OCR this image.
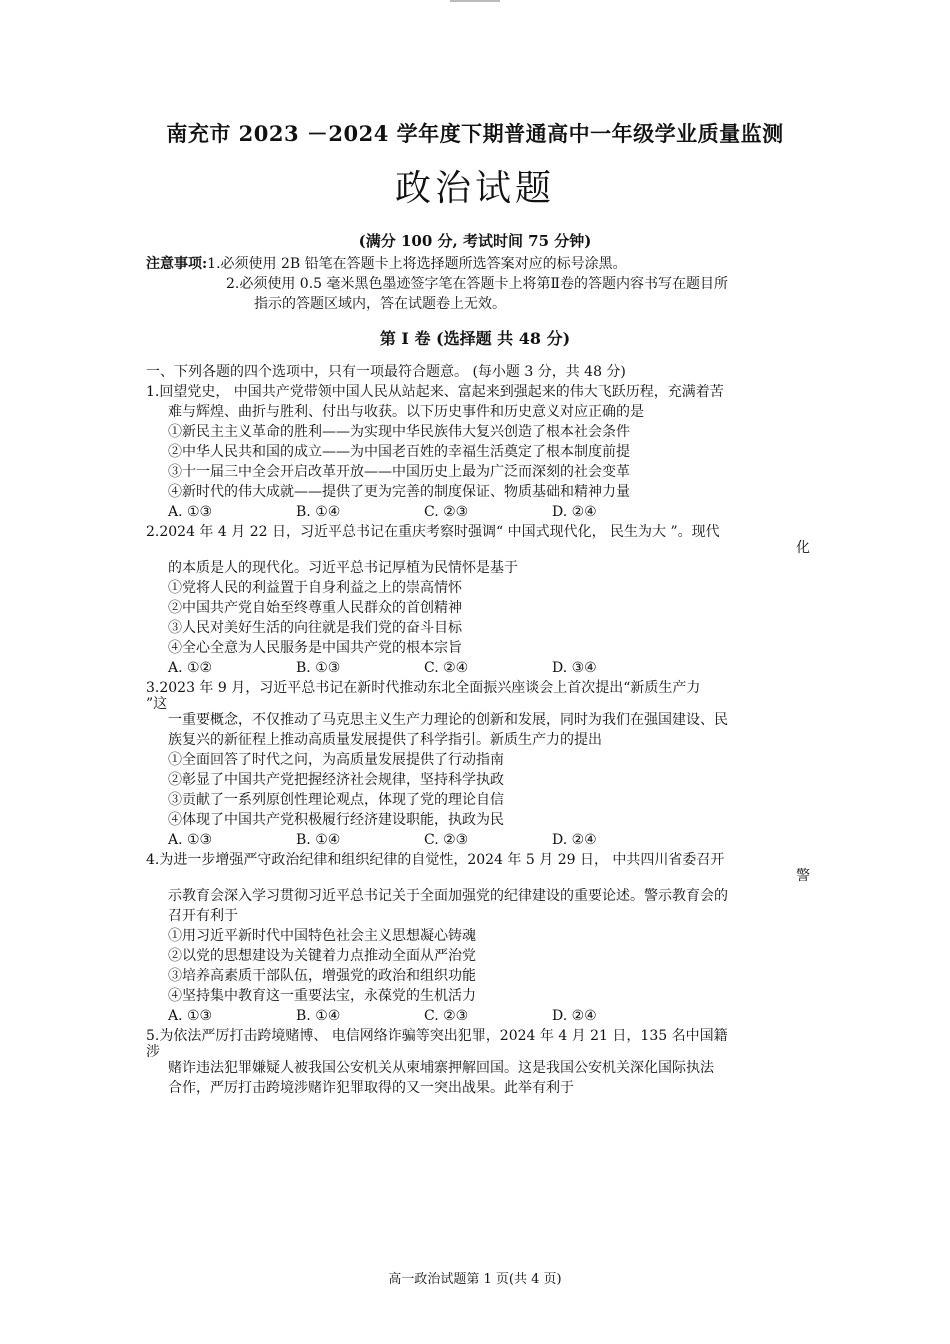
南充市 2023 －2024 学年度下期普通高中一年级学业质量监测
政治试题
(满分 100 分, 考试时间 75 分钟)
注意事项:1.必须使用 2B 铅笔在答题卡上将选择题所选答案对应的标号涂黑。
2.必须使用 0.5 毫米黑色墨迹签字笔在答题卡上将第Ⅱ卷的答题内容书写在题目所
指示的答题区域内，答在试题卷上无效。
第 I 卷 (选择题 共 48 分)
一、下列各题的四个选项中，只有一项最符合题意。 (每小题 3 分，共 48 分)
1.回望党史， 中国共产党带领中国人民从站起来、富起来到强起来的伟大飞跃历程，充满着苦
难与辉煌、曲折与胜利、付出与收获。以下历史事件和历史意义对应正确的是
①新民主主义革命的胜利——为实现中华民族伟大复兴创造了根本社会条件
②中华人民共和国的成立——为中国老百姓的幸福生活奠定了根本制度前提
③十一届三中全会开启改革开放——中国历史上最为广泛而深刻的社会变革
④新时代的伟大成就——提供了更为完善的制度保证、物质基础和精神力量
A. ①③	B. ①④	C. ②③	D. ②④
2.2024 年 4 月 22 日，习近平总书记在重庆考察时强调“ 中国式现代化， 民生为大 ”。现代
化
的本质是人的现代化。习近平总书记厚植为民情怀是基于
①党将人民的利益置于自身利益之上的崇高情怀
②中国共产党自始至终尊重人民群众的首创精神
③人民对美好生活的向往就是我们党的奋斗目标
④全心全意为人民服务是中国共产党的根本宗旨
A. ①②	B. ①③	C. ②④	D. ③④
3.2023 年 9 月，习近平总书记在新时代推动东北全面振兴座谈会上首次提出“新质生产力
”这
一重要概念，不仅推动了马克思主义生产力理论的创新和发展，同时为我们在强国建设、民
族复兴的新征程上推动高质量发展提供了科学指引。新质生产力的提出
①全面回答了时代之问，为高质量发展提供了行动指南
②彰显了中国共产党把握经济社会规律，坚持科学执政
③贡献了一系列原创性理论观点，体现了党的理论自信
④体现了中国共产党积极履行经济建设职能，执政为民
A. ①③	B. ①④	C. ②③	D. ②④
4.为进一步增强严守政治纪律和组织纪律的自觉性，2024 年 5 月 29 日， 中共四川省委召开
警
示教育会深入学习贯彻习近平总书记关于全面加强党的纪律建设的重要论述。警示教育会的
召开有利于
①用习近平新时代中国特色社会主义思想凝心铸魂
②以党的思想建设为关键着力点推动全面从严治党
③培养高素质干部队伍，增强党的政治和组织功能
④坚持集中教育这一重要法宝，永葆党的生机活力
A. ①③	B. ①④	C. ②③	D. ②④
5.为依法严厉打击跨境赌博、 电信网络诈骗等突出犯罪，2024 年 4 月 21 日，135 名中国籍
涉
赌诈违法犯罪嫌疑人被我国公安机关从柬埔寨押解回国。这是我国公安机关深化国际执法
合作，严厉打击跨境涉赌诈犯罪取得的又一突出战果。此举有利于
高一政治试题第 1 页(共 4 页)
